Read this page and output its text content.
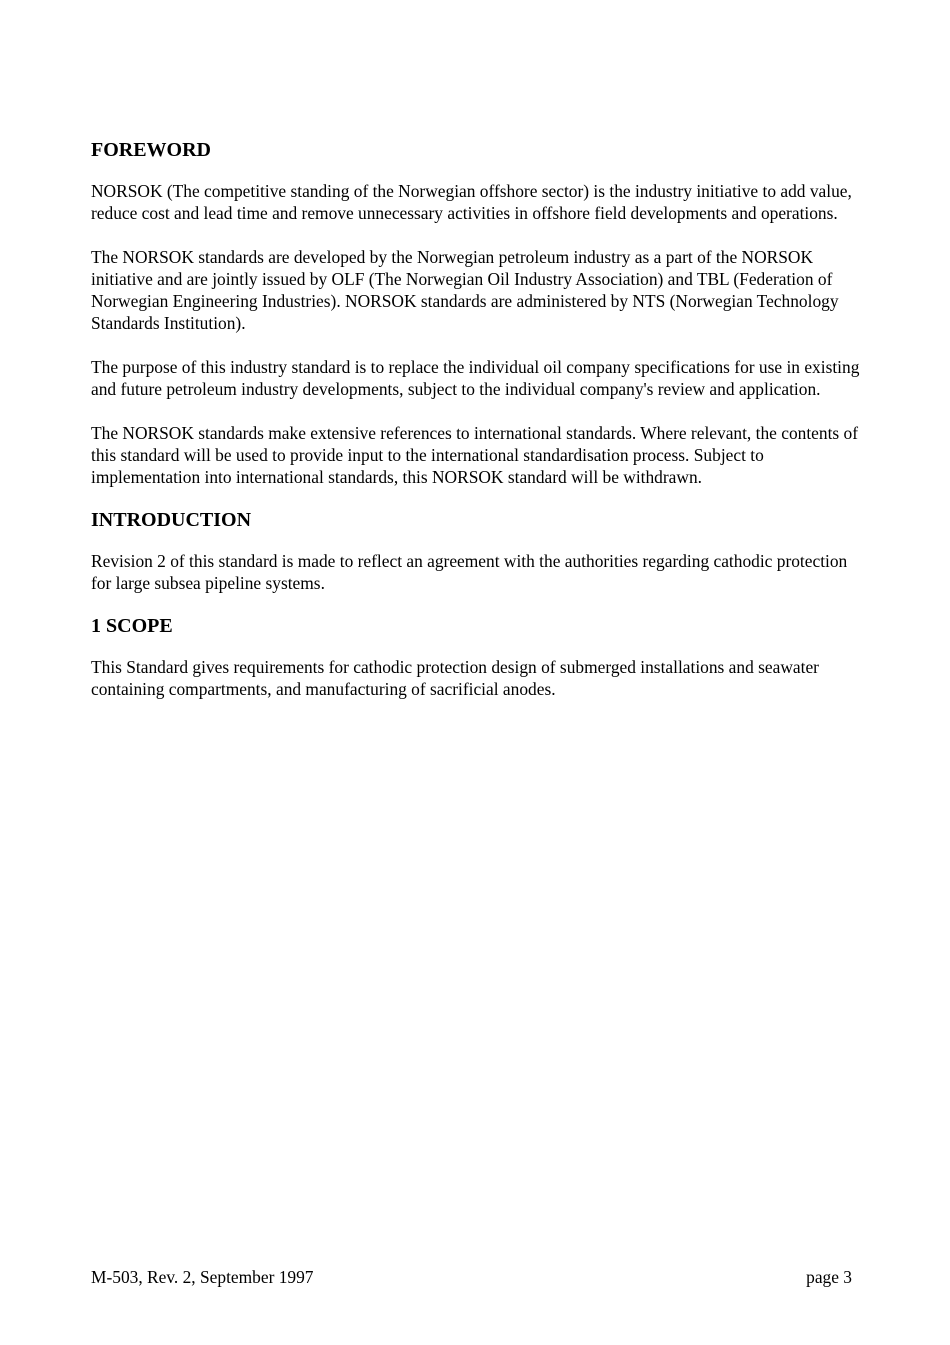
FOREWORD

NORSOK (The competitive standing of the Norwegian offshore sector) is the industry initiative to add value, reduce cost and lead time and remove unnecessary activities in offshore field developments and operations.

The NORSOK standards are developed by the Norwegian petroleum industry as a part of the NORSOK initiative and are jointly issued by OLF (The Norwegian Oil Industry Association) and TBL (Federation of Norwegian Engineering Industries). NORSOK standards are administered by NTS (Norwegian Technology Standards Institution).

The purpose of this industry standard is to replace the individual oil company specifications for use in existing and future petroleum industry developments, subject to the individual company's review and application.

The NORSOK standards make extensive references to international standards. Where relevant, the contents of this standard will be used to provide input to the international standardisation process. Subject to implementation into international standards, this NORSOK standard will be withdrawn.

INTRODUCTION

Revision 2 of this standard is made to reflect an agreement with the authorities regarding cathodic protection for large subsea pipeline systems.

1 SCOPE

This Standard gives requirements for cathodic protection design of submerged installations and seawater containing compartments, and manufacturing of sacrificial anodes.

M-503, Rev. 2, September 1997	page 3
